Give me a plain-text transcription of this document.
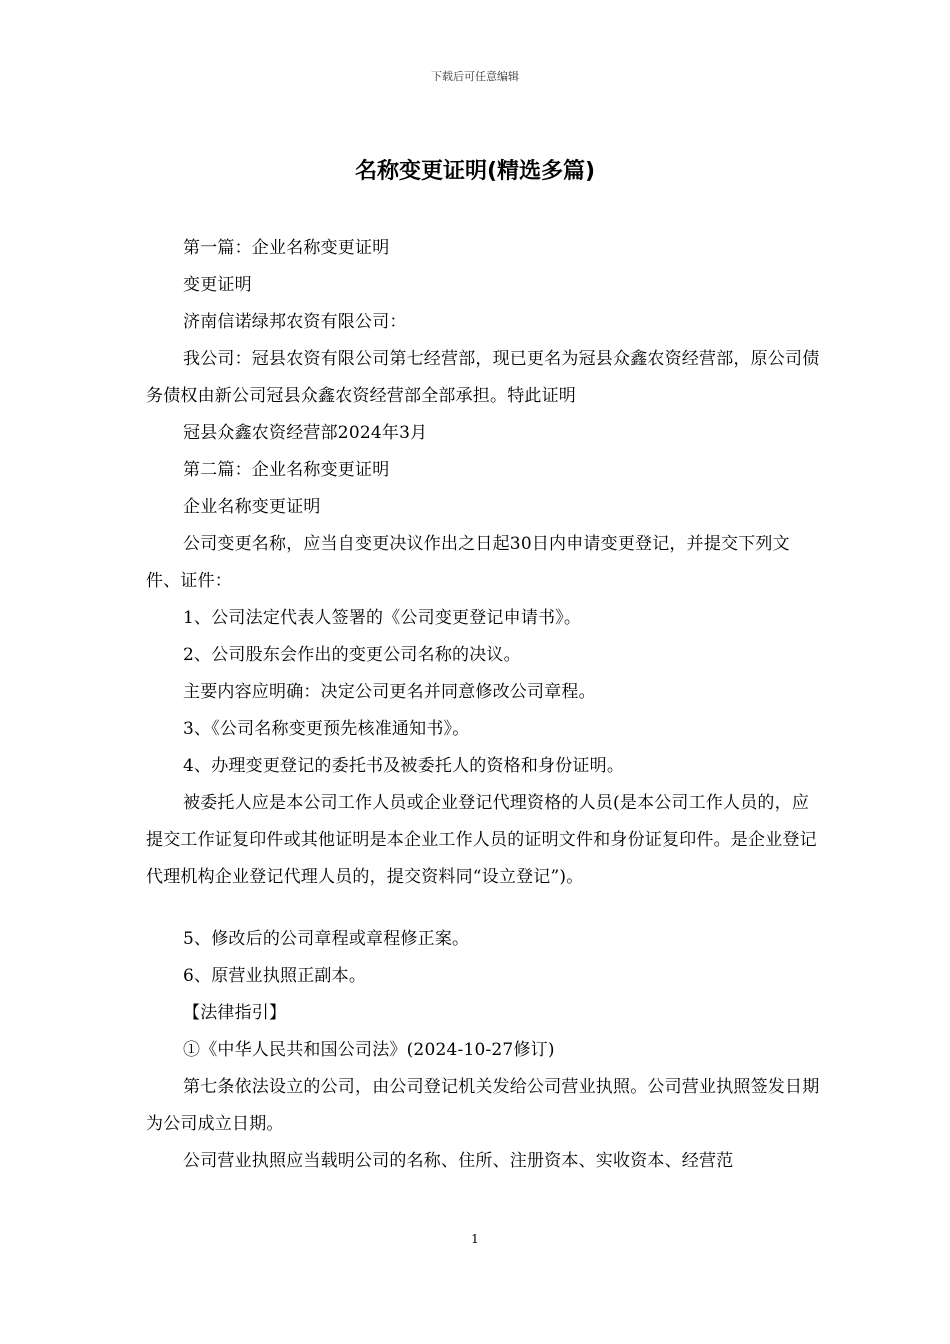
下载后可任意编辑
名称变更证明(精选多篇)

第一篇：企业名称变更证明

变更证明

济南信诺绿邦农资有限公司：

我公司：冠县农资有限公司第七经营部，现已更名为冠县众鑫农资经营部，原公司债务债权由新公司冠县众鑫农资经营部全部承担。特此证明

冠县众鑫农资经营部2024年3月

第二篇：企业名称变更证明

企业名称变更证明

公司变更名称，应当自变更决议作出之日起30日内申请变更登记，并提交下列文件、证件：

1、公司法定代表人签署的《公司变更登记申请书》。

2、公司股东会作出的变更公司名称的决议。

主要内容应明确：决定公司更名并同意修改公司章程。

3、《公司名称变更预先核准通知书》。

4、办理变更登记的委托书及被委托人的资格和身份证明。

被委托人应是本公司工作人员或企业登记代理资格的人员(是本公司工作人员的，应提交工作证复印件或其他证明是本企业工作人员的证明文件和身份证复印件。是企业登记代理机构企业登记代理人员的，提交资料同“设立登记”)。

5、修改后的公司章程或章程修正案。

6、原营业执照正副本。

【法律指引】

①《中华人民共和国公司法》(2024-10-27修订)

第七条依法设立的公司，由公司登记机关发给公司营业执照。公司营业执照签发日期为公司成立日期。

公司营业执照应当载明公司的名称、住所、注册资本、实收资本、经营范

1
